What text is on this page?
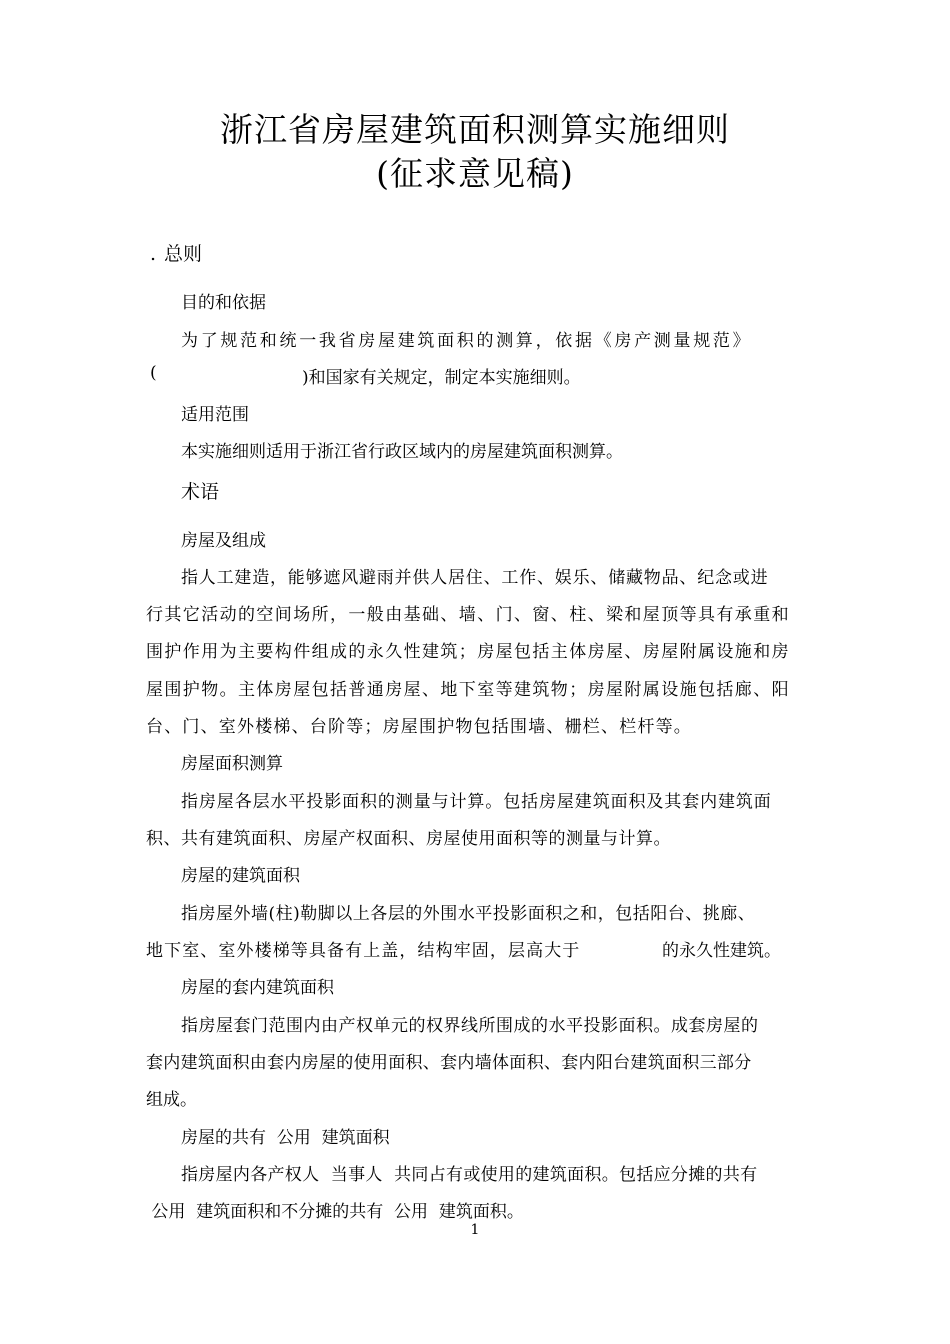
浙江省房屋建筑面积测算实施细则
(征求意见稿)
.总则
目的和依据
为了规范和统一我省房屋建筑面积的测算，依据《房产测量规范》
(	)和国家有关规定，制定本实施细则。
适用范围
本实施细则适用于浙江省行政区域内的房屋建筑面积测算。
术语
房屋及组成
指人工建造，能够遮风避雨并供人居住、工作、娱乐、储藏物品、纪念或进
行其它活动的空间场所，一般由基础、墙、门、窗、柱、梁和屋顶等具有承重和
围护作用为主要构件组成的永久性建筑；房屋包括主体房屋、房屋附属设施和房
屋围护物。主体房屋包括普通房屋、地下室等建筑物；房屋附属设施包括廊、阳
台、门、室外楼梯、台阶等；房屋围护物包括围墙、栅栏、栏杆等。
房屋面积测算
指房屋各层水平投影面积的测量与计算。包括房屋建筑面积及其套内建筑面
积、共有建筑面积、房屋产权面积、房屋使用面积等的测量与计算。
房屋的建筑面积
指房屋外墙(柱)勒脚以上各层的外围水平投影面积之和，包括阳台、挑廊、
地下室、室外楼梯等具备有上盖，结构牢固，层高大于	的永久性建筑。
房屋的套内建筑面积
指房屋套门范围内由产权单元的权界线所围成的水平投影面积。成套房屋的
套内建筑面积由套内房屋的使用面积、套内墙体面积、套内阳台建筑面积三部分
组成。
房屋的共有  公用  建筑面积
指房屋内各产权人  当事人  共同占有或使用的建筑面积。包括应分摊的共有
公用  建筑面积和不分摊的共有  公用  建筑面积。
1
